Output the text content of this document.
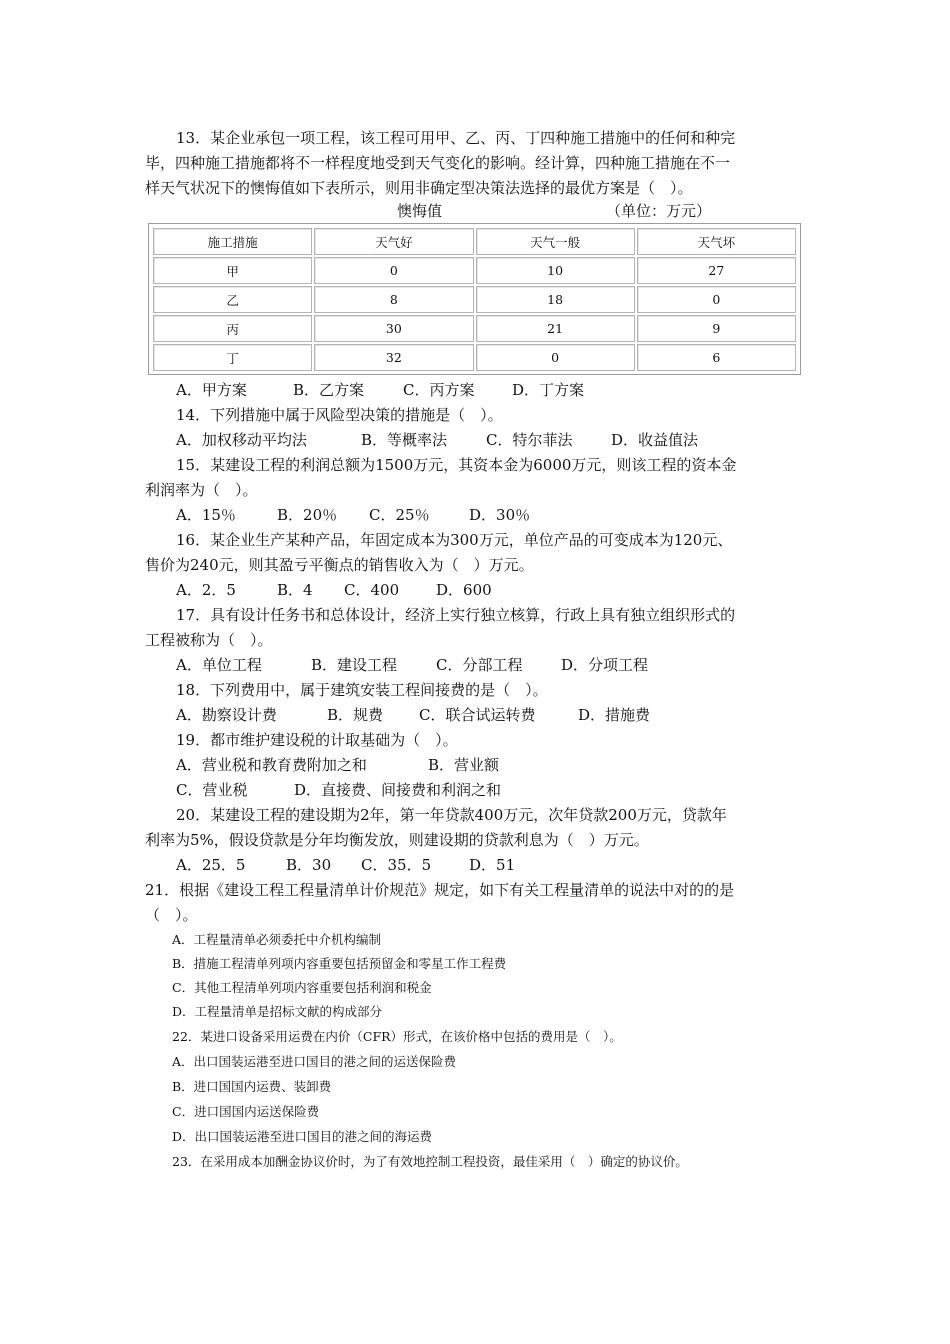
13．某企业承包一项工程，该工程可用甲、乙、丙、丁四种施工措施中的任何和种完
毕，四种施工措施都将不一样程度地受到天气变化的影响。经计算，四种施工措施在不一
样天气状况下的懊悔值如下表所示，则用非确定型决策法选择的最优方案是（　）。
懊悔值	（单位：万元）
施工措施	天气好	天气一般	天气坏
甲	0	10	27
乙	8	18	0
丙	30	21	9
丁	32	0	6
A．甲方案	B．乙方案	C．丙方案	D．丁方案
14．下列措施中属于风险型决策的措施是（　）。
A．加权移动平均法	B．等概率法	C．特尔菲法	D．收益值法
15．某建设工程的利润总额为1500万元，其资本金为6000万元，则该工程的资本金
利润率为（　）。
A．15％	B．20％ C．25％	D．30％
16．某企业生产某种产品，年固定成本为300万元，单位产品的可变成本为120元、
售价为240元，则其盈亏平衡点的销售收入为（　）万元。
A．2．5	B．4 C．400 D．600
17．具有设计任务书和总体设计，经济上实行独立核算，行政上具有独立组织形式的
工程被称为（　）。
A．单位工程	B．建设工程	C．分部工程	D．分项工程
18．下列费用中，属于建筑安装工程间接费的是（　）。
A．勘察设计费	B．规费 C．联合试运转费	D．措施费
19．都市维护建设税的计取基础为（　）。
A．营业税和教育费附加之和	B．营业额
C．营业税	D．直接费、间接费和利润之和
20．某建设工程的建设期为2年，第一年贷款400万元，次年贷款200万元，贷款年
利率为5%，假设贷款是分年均衡发放，则建设期的贷款利息为（　）万元。
A．25．5	B．30 C．35．5	D．51
21．根据《建设工程工程量清单计价规范》规定，如下有关工程量清单的说法中对的的是
（　）。
A．工程量清单必须委托中介机构编制
B．措施工程清单列项内容重要包括预留金和零星工作工程费
C．其他工程清单列项内容重要包括利润和税金
D．工程量清单是招标文献的构成部分
22．某进口设备采用运费在内价（CFR）形式，在该价格中包括的费用是（　）。
A．出口国装运港至进口国目的港之间的运送保险费
B．进口国国内运费、装卸费
C．进口国国内运送保险费
D．出口国装运港至进口国目的港之间的海运费
23．在采用成本加酬金协议价时，为了有效地控制工程投资，最佳采用（　）确定的协议价。
